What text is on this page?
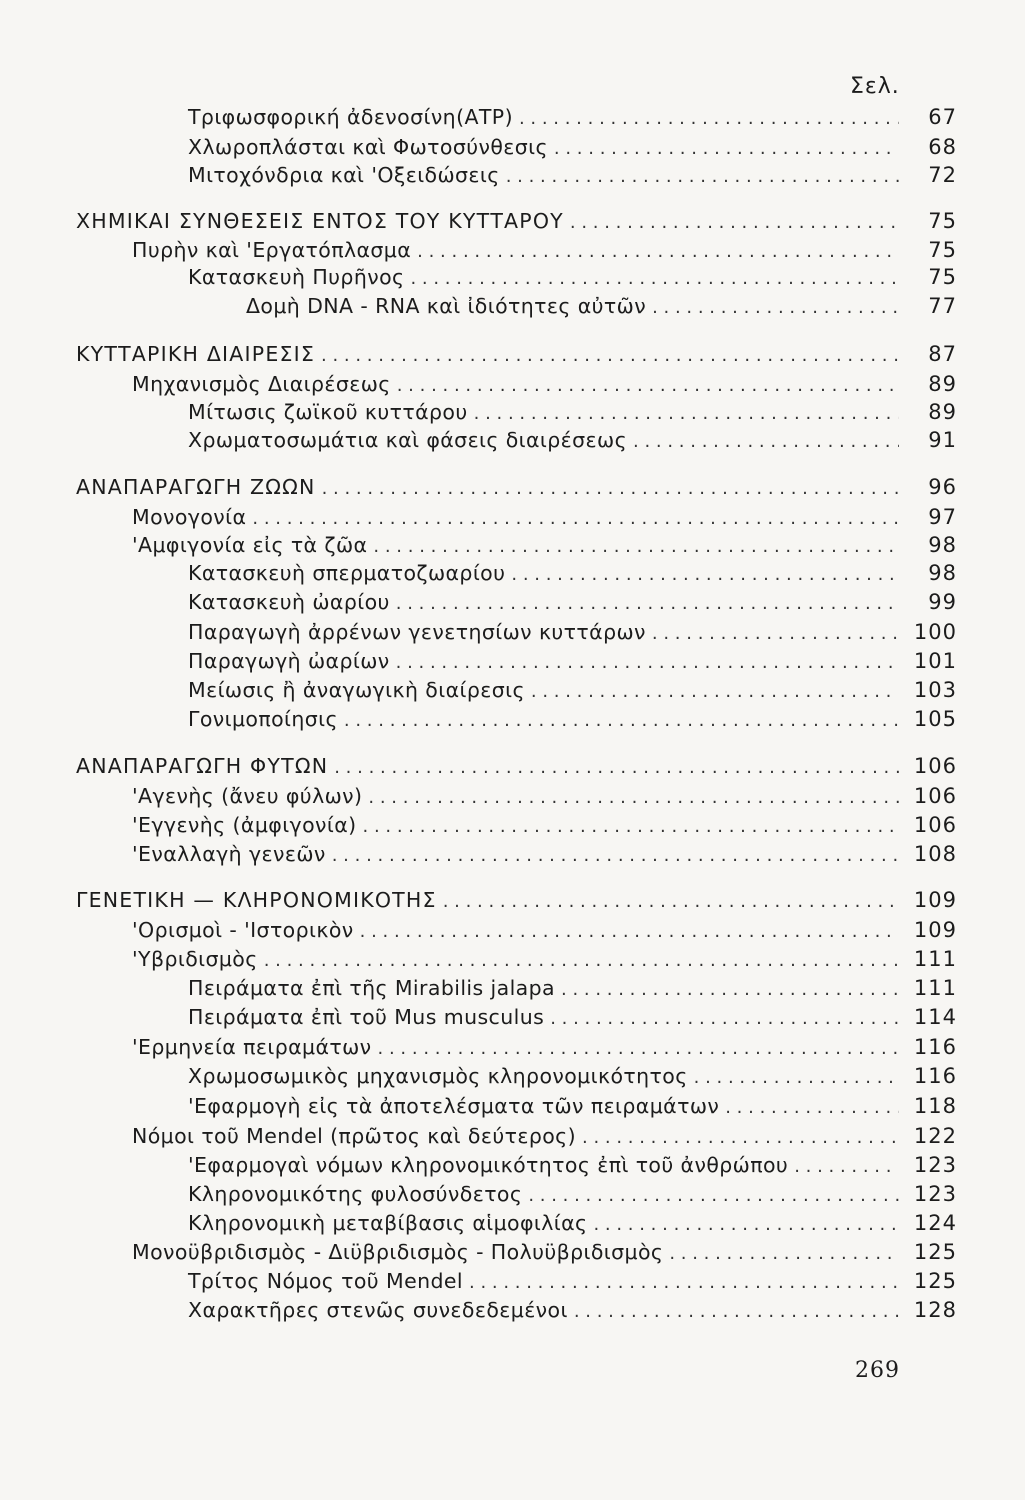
Σελ.
Τριφωσφορική ἀδενοσίνη(ΑΤΡ) . . .	67
Χλωροπλάσται καὶ Φωτοσύνθεσις . . .	68
Μιτοχόνδρια καὶ 'Οξειδώσεις . . .	72
ΧΗΜΙΚΑΙ ΣΥΝΘΕΣΕΙΣ ΕΝΤΟΣ ΤΟΥ ΚΥΤΤΑΡΟΥ . . .	75
Πυρὴν καὶ 'Εργατόπλασμα . . .	75
Κατασκευὴ Πυρῆνος . . .	75
Δομὴ DNA - RNA καὶ ἰδιότητες αὐτῶν . . .	77
ΚΥΤΤΑΡΙΚΗ ΔΙΑΙΡΕΣΙΣ . . .	87
Μηχανισμὸς Διαιρέσεως . . .	89
Μίτωσις ζωϊκοῦ κυττάρου . . .	89
Χρωματοσωμάτια καὶ φάσεις διαιρέσεως . . .	91
ΑΝΑΠΑΡΑΓΩΓΗ ΖΩΩΝ . . .	96
Μονογονία . . .	97
'Αμφιγονία εἰς τὰ ζῶα . . .	98
Κατασκευὴ σπερματοζωαρίου . . .	98
Κατασκευὴ ὠαρίου . . .	99
Παραγωγὴ ἀρρένων γενετησίων κυττάρων . . .	100
Παραγωγὴ ὠαρίων . . .	101
Μείωσις ἢ ἀναγωγικὴ διαίρεσις . . .	103
Γονιμοποίησις . . .	105
ΑΝΑΠΑΡΑΓΩΓΗ ΦΥΤΩΝ . . .	106
'Αγενὴς (ἄνευ φύλων) . . .	106
'Εγγενὴς (ἀμφιγονία) . . .	106
'Εναλλαγὴ γενεῶν . . .	108
ΓΕΝΕΤΙΚΗ — ΚΛΗΡΟΝΟΜΙΚΟΤΗΣ . . .	109
'Ορισμοὶ - 'Ιστορικὸν . . .	109
'Υβριδισμὸς . . .	111
Πειράματα ἐπὶ τῆς Mirabilis jalapa . . .	111
Πειράματα ἐπὶ τοῦ Mus musculus . . .	114
'Ερμηνεία πειραμάτων . . .	116
Χρωμοσωμικὸς μηχανισμὸς κληρονομικότητος . . .	116
'Εφαρμογὴ εἰς τὰ ἀποτελέσματα τῶν πειραμάτων . . .	118
Νόμοι τοῦ Mendel (πρῶτος καὶ δεύτερος) . . .	122
'Εφαρμογαὶ νόμων κληρονομικότητος ἐπὶ τοῦ ἀνθρώπου . . .	123
Κληρονομικότης φυλοσύνδετος . . .	123
Κληρονομικὴ μεταβίβασις αἱμοφιλίας . . .	124
Μονοϋβριδισμὸς - Διϋβριδισμὸς - Πολυϋβριδισμὸς . . .	125
Τρίτος Νόμος τοῦ Mendel . . .	125
Χαρακτῆρες στενῶς συνεδεδεμένοι . . .	128
269
